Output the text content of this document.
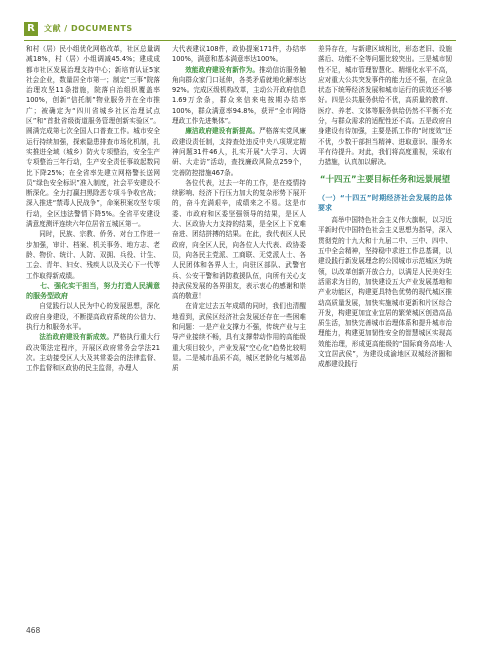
R	文献 / DOCUMENTS

和村（居）民小组优化网格改革，社区总量调减18%，村（居）小组调减45.4%；建成成都市社区发展治理支持中心；新培育认证5家社会企业，数量居全市第一；制定“三事”院落治理攻坚11条措施，院落自治组织覆盖率100%，创新“信托制”物业服务并在全市推广；被确定为“四川省城乡社区治理试点区”和“首批省级街道服务管理创新实验区”。圆满完成第七次全国人口普查工作。城市安全运行持续加强，探索隐患排查市场化机制，扎实推进全域（城乡）防火专项整治，安全生产专项整治三年行动，生产安全责任事故起数同比下降25%；在全省率先建立网格警长送网员“绿色安全标识”准入制度，社会平安建设不断深化。全力打赢扫黑除恶专项斗争收官战；深入推进“禁毒人民战争”，命案积案攻坚专项行动，全区违法警情下降5%。全省平安建设满意度测评连续六年位居省五城区第一。

同时，民族、宗教、侨务、对台工作进一步加强，审计、档案、机关事务、地方志、老龄、物价、统计、人防、双拥、兵役、计生、工会、青年、妇女、残疾人以及关心下一代等工作取得新成绩。

七、强化实干担当，努力打造人民满意的服务型政府

自觉践行以人民为中心的发展思想，深化政府自身建设，不断提高政府系统的公信力、执行力和服务水平。

法治政府建设有新成效。严格执行重大行政决策法定程序，开展区政府常务会学法21次。主动接受区人大及其常委会的法律监督、工作监督和区政协的民主监督，办理人

大代表建议108件，政协提案171件，办结率100%，满意和基本满意率达100%。

效能政府建设有新作为。推动信访服务触角向群众家门口延伸，各类矛盾就地化解率达92%。完成区级机构改革，主动公开政府信息1.69万余条，群众来信来电按期办结率100%，群众满意率94.8%，获评“全市网络理政工作先进集体”。

廉洁政府建设有新提高。严格落实党风廉政建设责任制，支持查处违反中央八项规定精神问题31件46人，扎实开展“大学习、大调研、大走访”活动，查找廉政风险点259个，完善防控措施467条。

各位代表，过去一年的工作，是在疫情持续影响、经济下行压力加大的复杂形势下展开的，奋斗充满艰辛，成绩来之不易。这是市委、市政府和区委坚强领导的结果，是区人大、区政协大力支持的结果，是全区上下克难奋进、团结拼搏的结果。在此，我代表区人民政府，向全区人民，向各位人大代表、政协委员，向各民主党派、工商联、无党派人士、各人民团体和各界人士，向驻区部队、武警官兵、公安干警和消防救援队伍，向所有关心支持武侯发展的各界朋友，表示衷心的感谢和崇高的敬意！

在肯定过去五年成绩的同时，我们也清醒地看到，武侯区经济社会发展还存在一些困难和问题：一是产业支撑力不强，传统产业与主导产业接续不畅，具有支撑带动作用的高能级重大项目较少，产业发展“空心化”趋势比较明显。二是城市品质不高，城区老龄化与城郊品质

差异存在，与新建区域相比，形态老旧、设施落后、功能不全等问题比较突出。三是城市韧性不足，城市管理智慧化、精细化水平不高，应对重大公共突发事件的能力还不强，在应急状态下统筹经济发展和城市运行的质效还不够好。四是公共服务供给不优，高质量的教育、医疗、养老、文体等服务供给仍然不平衡不充分，与群众需求的适配性还不高。五是政府自身建设有待加强，主要是抓工作的“时度效”还不优，少数干部担当精神、进取意识、服务水平有待提升。对此，我们将高度重视，采取有力措施，认真加以解决。

“十四五”主要目标任务和远景展望
（一）“十四五”时期经济社会发展的总体要求

高举中国特色社会主义伟大旗帜，以习近平新时代中国特色社会主义思想为指导，深入贯彻党的十九大和十九届二中、三中、四中、五中全会精神，坚持稳中求进工作总基调，以建设践行新发展理念的公园城市示范城区为统领，以改革创新开放合力，以满足人民美好生活需求为目的，加快建设五大产业发展基地和产业功能区，构建更具特色优势的现代城区推动高质量发展，加快实施城市更新和片区综合开发，构建更加宜业宜居的繁荣城区创造高品质生活，加快完善城市治理体系和提升城市治理能力，构建更加韧性安全的智慧城区实现高效能治理，形成更高能级的“国际商务高地·人文宜居武侯”，为建设成渝地区双城经济圈和成都建设践行

468
